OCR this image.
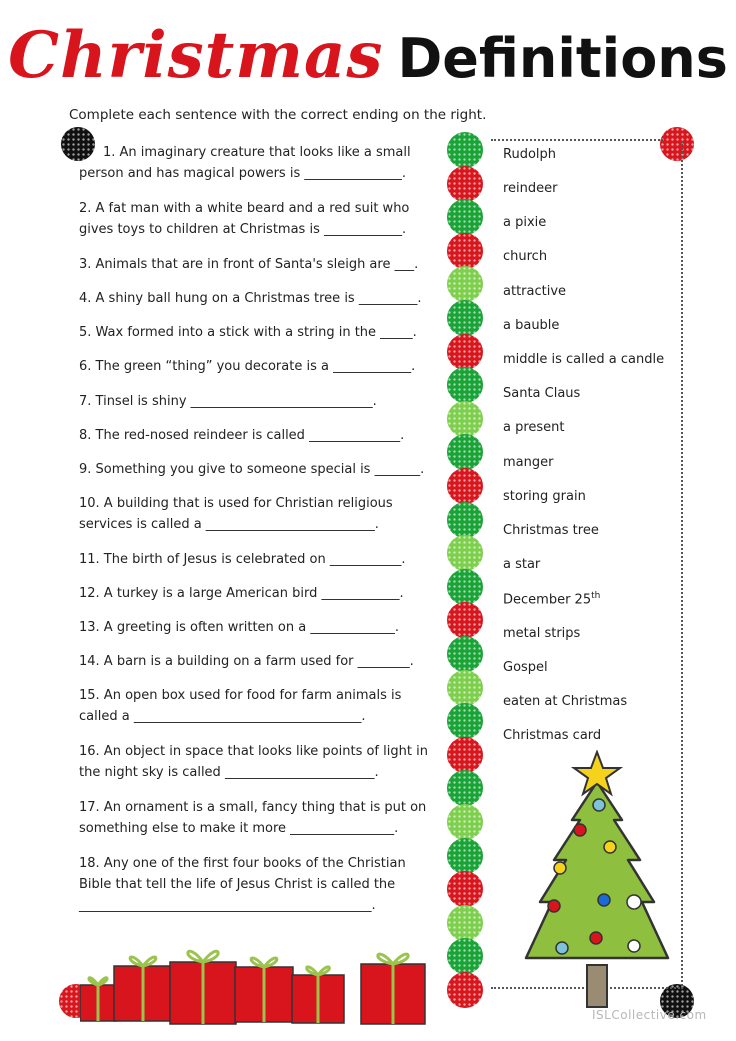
Christmas Definitions
Complete each sentence with the correct ending on the right.
1. An imaginary creature that looks like a small
person and has magical powers is _______________.
2. A fat man with a white beard and a red suit who
gives toys to children at Christmas is ____________.
3. Animals that are in front of Santa's sleigh are ___.
4. A shiny ball hung on a Christmas tree is _________.
5. Wax formed into a stick with a string in the _____.
6. The green “thing” you decorate is a ____________.
7. Tinsel is shiny ____________________________.
8. The red-nosed reindeer is called ______________.
9. Something you give to someone special is _______.
10. A building that is used for Christian religious
services is called a __________________________.
11. The birth of Jesus is celebrated on ___________.
12. A turkey is a large American bird ____________.
13. A greeting is often written on a _____________.
14. A barn is a building on a farm used for ________.
15. An open box used for food for farm animals is
called a ___________________________________.
16. An object in space that looks like points of light in
the night sky is called _______________________.
17. An ornament is a small, fancy thing that is put on
something else to make it more ________________.
18. Any one of the first four books of the Christian
Bible that tell the life of Jesus Christ is called the
_____________________________________________.
Rudolph
reindeer
a pixie
church
attractive
a bauble
middle is called a candle
Santa Claus
a present
manger
storing grain
Christmas tree
a star
December 25th
metal strips
Gospel
eaten at Christmas
Christmas card
ISLCollective.com
